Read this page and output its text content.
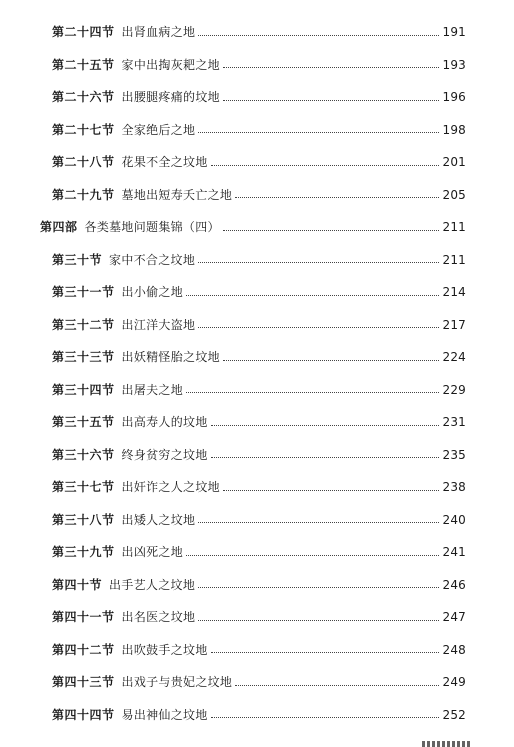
第二十四节 出肾血病之地	191
第二十五节 家中出掏灰耙之地	193
第二十六节 出腰腿疼痛的坟地	196
第二十七节 全家绝后之地	198
第二十八节 花果不全之坟地	201
第二十九节 墓地出短寿夭亡之地	205
第四部 各类墓地问题集锦（四）	211
第三十节 家中不合之坟地	211
第三十一节 出小偷之地	214
第三十二节 出江洋大盗地	217
第三十三节 出妖精怪胎之坟地	224
第三十四节 出屠夫之地	229
第三十五节 出高寿人的坟地	231
第三十六节 终身贫穷之坟地	235
第三十七节 出奸诈之人之坟地	238
第三十八节 出矮人之坟地	240
第三十九节 出凶死之地	241
第四十节 出手艺人之坟地	246
第四十一节 出名医之坟地	247
第四十二节 出吹鼓手之坟地	248
第四十三节 出戏子与贵妃之坟地	249
第四十四节 易出神仙之坟地	252
